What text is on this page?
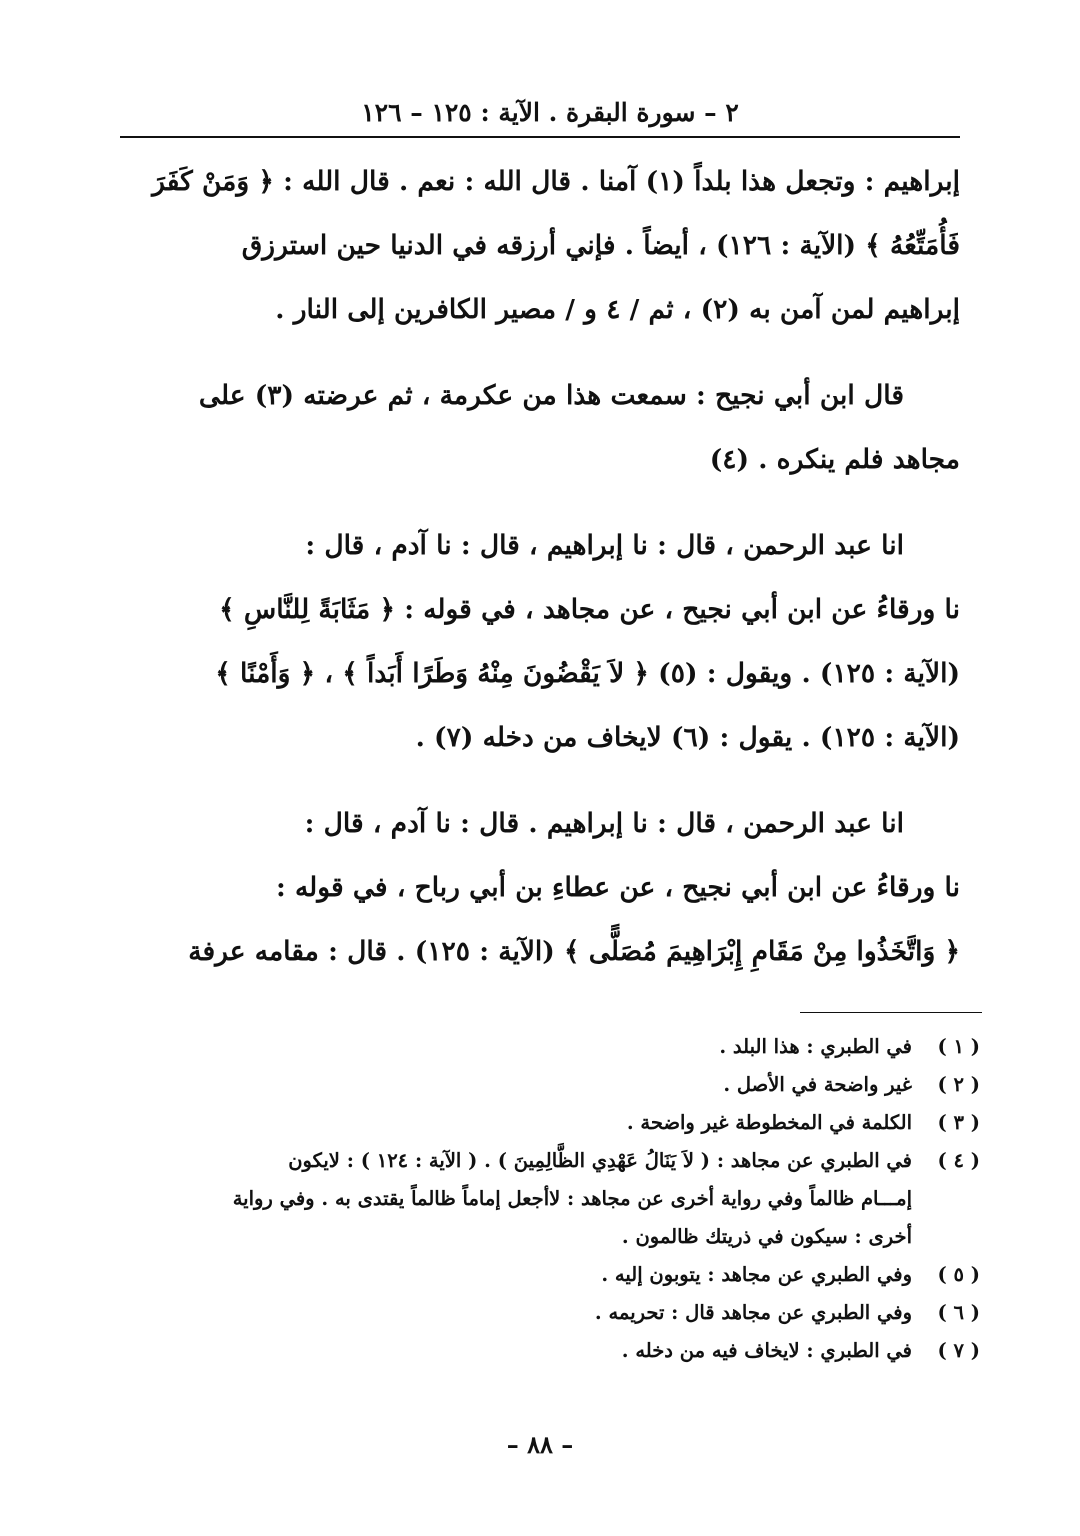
٢ – سورة البقرة . الآية : ١٢٥ – ١٢٦
إبراهيم : وتجعل هذا بلداً (١) آمنا . قال الله : نعم . قال الله : ﴿ وَمَنْ كَفَرَ
فَأُمَتِّعُهُ ﴾ (الآية : ١٢٦) ، أيضاً . فإني أرزقه في الدنيا حين استرزق
إبراهيم لمن آمن به (٢) ، ثم / ٤ و / مصير الكافرين إلى النار .
قال ابن أبي نجيح : سمعت هذا من عكرمة ، ثم عرضته (٣) على
مجاهد فلم ينكره . (٤)
انا عبد الرحمن ، قال : نا إبراهيم ، قال : نا آدم ، قال :
نا ورقاءُ عن ابن أبي نجيح ، عن مجاهد ، في قوله : ﴿ مَثَابَةً لِلنَّاسِ ﴾
(الآية : ١٢٥) . ويقول : (٥) ﴿ لاَ يَقْضُونَ مِنْهُ وَطَرًا أَبَداً ﴾ ، ﴿ وَأَمْنًا ﴾
(الآية : ١٢٥) . يقول : (٦) لايخاف من دخله (٧) .
انا عبد الرحمن ، قال : نا إبراهيم . قال : نا آدم ، قال :
نا ورقاءُ عن ابن أبي نجيح ، عن عطاءِ بن أبي رباح ، في قوله :
﴿ وَاتَّخَذُوا مِنْ مَقَامِ إِبْرَاهِيمَ مُصَلًّى ﴾ (الآية : ١٢٥) . قال : مقامه عرفة
( ١ )
في الطبري : هذا البلد .
( ٢ )
غير واضحة في الأصل .
( ٣ )
الكلمة في المخطوطة غير واضحة .
( ٤ )
في الطبري عن مجاهد : ( لاَ يَنَالُ عَهْدِي الظَّالِمِينَ ) . ( الآية : ١٢٤ ) : لايكون
إمـــام ظالماً وفي رواية أخرى عن مجاهد : لاأجعل إماماً ظالماً يقتدى به . وفي رواية
أخرى : سيكون في ذريتك ظالمون .
( ٥ )
وفي الطبري عن مجاهد : يتوبون إليه .
( ٦ )
وفي الطبري عن مجاهد قال : تحريمه .
( ٧ )
في الطبري : لايخاف فيه من دخله .
– ٨٨ –
